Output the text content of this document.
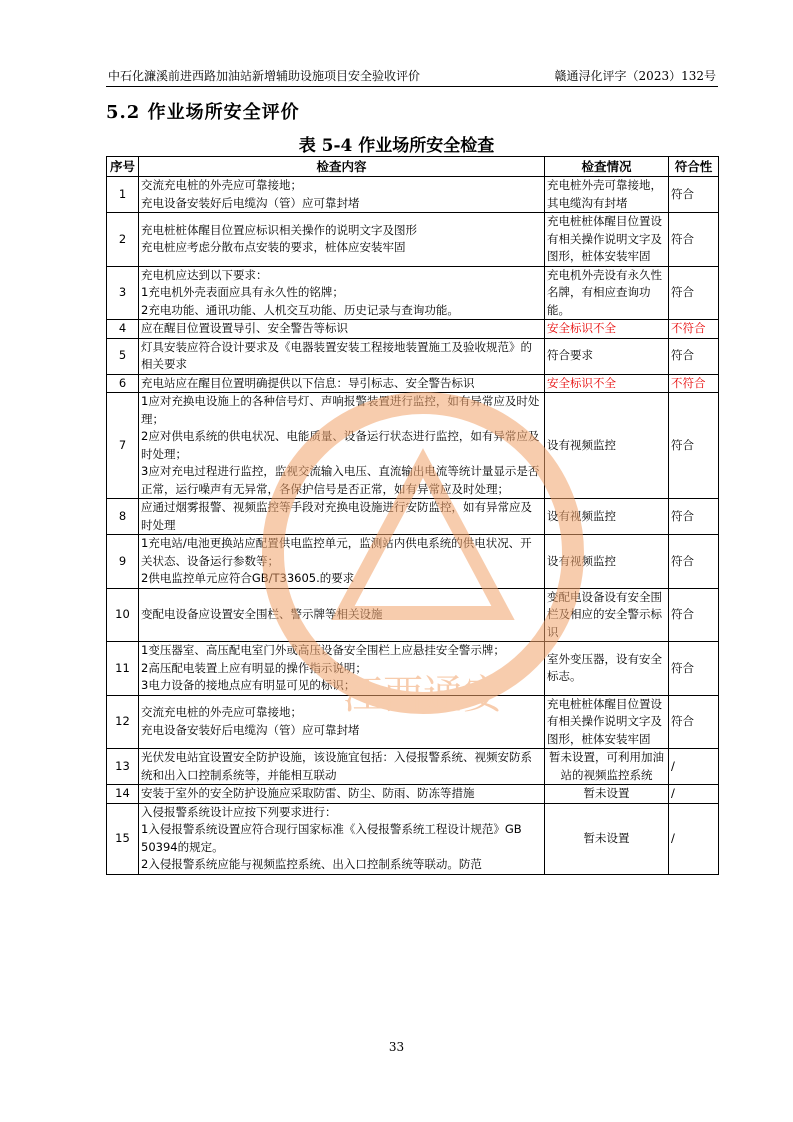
中石化濂溪前进西路加油站新增辅助设施项目安全验收评价	赣通浔化评字（2023）132号
5.2 作业场所安全评价
表 5-4 作业场所安全检查
序号	检查内容	检查情况	符合性
1	交流充电桩的外壳应可靠接地；
充电设备安装好后电缆沟（管）应可靠封堵	充电桩外壳可靠接地，其电缆沟有封堵	符合
2	充电桩桩体醒目位置应标识相关操作的说明文字及图形
充电桩应考虑分散布点安装的要求，桩体应安装牢固	充电桩桩体醒目位置设有相关操作说明文字及图形，桩体安装牢固	符合
3	充电机应达到以下要求：
1充电机外壳表面应具有永久性的铭牌；
2充电功能、通讯功能、人机交互功能、历史记录与查询功能。	充电机外壳设有永久性名牌，有相应查询功能。	符合
4	应在醒目位置设置导引、安全警告等标识	安全标识不全	不符合
5	灯具安装应符合设计要求及《电器装置安装工程接地装置施工及验收规范》的相关要求	符合要求	符合
6	充电站应在醒目位置明确提供以下信息：导引标志、安全警告标识	安全标识不全	不符合
7	1应对充换电设施上的各种信号灯、声响报警装置进行监控，如有异常应及时处理；
2应对供电系统的供电状况、电能质量、设备运行状态进行监控，如有异常应及时处理；
3应对充电过程进行监控，监视交流输入电压、直流输出电流等统计量显示是否正常，运行噪声有无异常，各保护信号是否正常，如有异常应及时处理；	设有视频监控	符合
8	应通过烟雾报警、视频监控等手段对充换电设施进行安防监控，如有异常应及时处理	设有视频监控	符合
9	1充电站/电池更换站应配置供电监控单元，监测站内供电系统的供电状况、开关状态、设备运行参数等；
2供电监控单元应符合GB/T33605.的要求	设有视频监控	符合
10	变配电设备应设置安全围栏、警示牌等相关设施	变配电设备设有安全围栏及相应的安全警示标识	符合
11	1变压器室、高压配电室门外或高压设备安全围栏上应悬挂安全警示牌；
2高压配电装置上应有明显的操作指示说明；
3电力设备的接地点应有明显可见的标识；	室外变压器，设有安全标志。	符合
12	交流充电桩的外壳应可靠接地；
充电设备安装好后电缆沟（管）应可靠封堵	充电桩桩体醒目位置设有相关操作说明文字及图形，桩体安装牢固	符合
13	光伏发电站宜设置安全防护设施，该设施宜包括：入侵报警系统、视频安防系统和出入口控制系统等，并能相互联动	暂未设置，可利用加油站的视频监控系统	/
14	安装于室外的安全防护设施应采取防雷、防尘、防雨、防冻等措施	暂未设置	/
15	入侵报警系统设计应按下列要求进行：
1入侵报警系统设置应符合现行国家标准《入侵报警系统工程设计规范》GB 50394的规定。
2入侵报警系统应能与视频监控系统、出入口控制系统等联动。防范	暂未设置	/
江西通安
33
